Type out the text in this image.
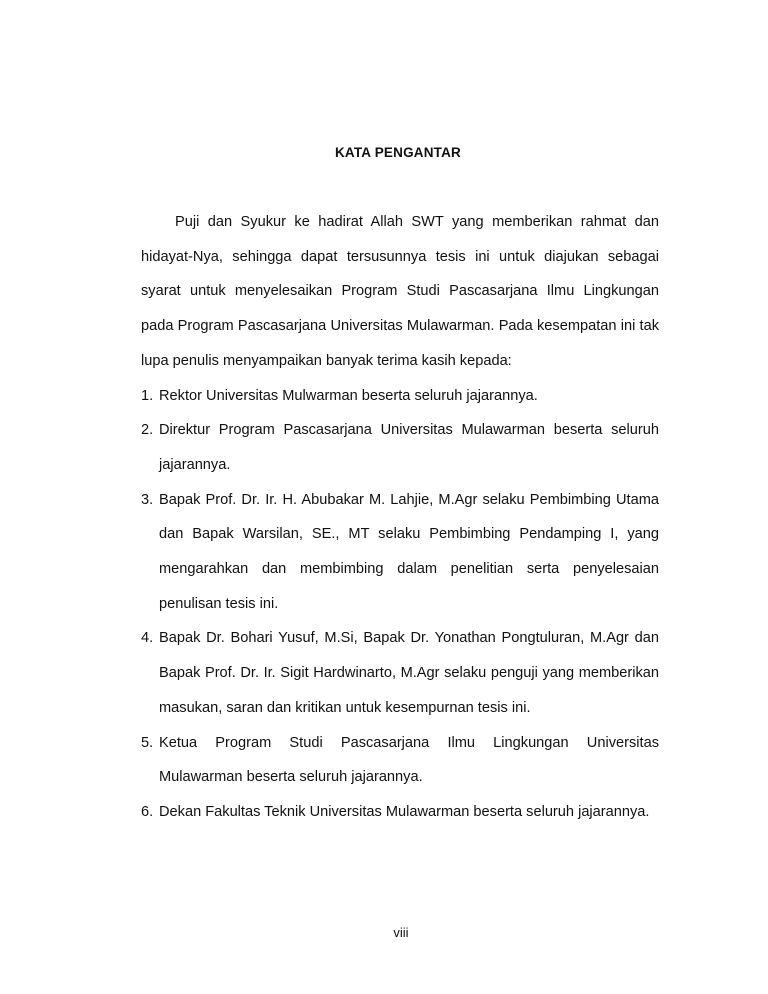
KATA PENGANTAR

Puji dan Syukur ke hadirat Allah SWT yang memberikan rahmat dan hidayat-Nya, sehingga dapat tersusunnya tesis ini untuk diajukan sebagai syarat untuk menyelesaikan Program Studi Pascasarjana Ilmu Lingkungan pada Program Pascasarjana Universitas Mulawarman. Pada kesempatan ini tak lupa penulis menyampaikan banyak terima kasih kepada:

1. Rektor Universitas Mulwarman beserta seluruh jajarannya.
2. Direktur Program Pascasarjana Universitas Mulawarman beserta seluruh jajarannya.
3. Bapak Prof. Dr. Ir. H. Abubakar M. Lahjie, M.Agr selaku Pembimbing Utama dan Bapak Warsilan, SE., MT selaku Pembimbing Pendamping I, yang mengarahkan dan membimbing dalam penelitian serta penyelesaian penulisan tesis ini.
4. Bapak Dr. Bohari Yusuf, M.Si, Bapak Dr. Yonathan Pongtuluran, M.Agr dan Bapak Prof. Dr. Ir. Sigit Hardwinarto, M.Agr selaku penguji yang memberikan masukan, saran dan kritikan untuk kesempurnan tesis ini.
5. Ketua Program Studi Pascasarjana Ilmu Lingkungan Universitas Mulawarman beserta seluruh jajarannya.
6. Dekan Fakultas Teknik Universitas Mulawarman beserta seluruh jajarannya.
viii
